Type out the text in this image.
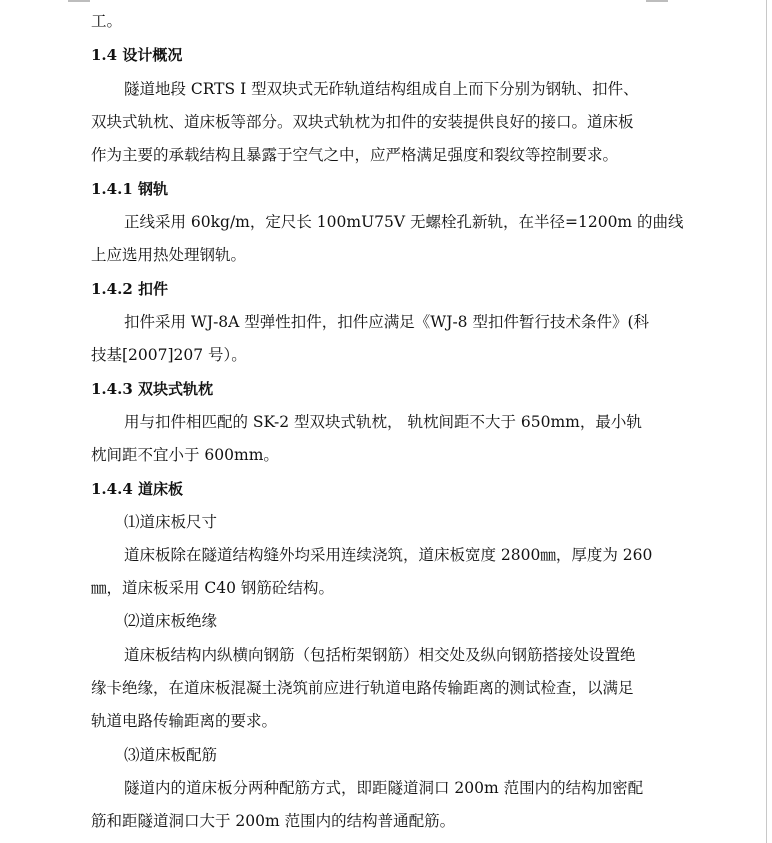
工。
1.4 设计概况
隧道地段 CRTS I 型双块式无砟轨道结构组成自上而下分别为钢轨、扣件、
双块式轨枕、道床板等部分。双块式轨枕为扣件的安装提供良好的接口。道床板
作为主要的承载结构且暴露于空气之中，应严格满足强度和裂纹等控制要求。
1.4.1 钢轨
正线采用 60kg/m，定尺长 100mU75V 无螺栓孔新轨，在半径=1200m 的曲线
上应选用热处理钢轨。
1.4.2 扣件
扣件采用 WJ-8A 型弹性扣件，扣件应满足《WJ-8 型扣件暂行技术条件》(科
技基[2007]207 号）。
1.4.3 双块式轨枕
用与扣件相匹配的 SK-2 型双块式轨枕， 轨枕间距不大于 650mm，最小轨
枕间距不宜小于 600mm。
1.4.4 道床板
⑴道床板尺寸
道床板除在隧道结构缝外均采用连续浇筑，道床板宽度 2800㎜，厚度为 260
㎜，道床板采用 C40 钢筋砼结构。
⑵道床板绝缘
道床板结构内纵横向钢筋（包括桁架钢筋）相交处及纵向钢筋搭接处设置绝
缘卡绝缘，在道床板混凝土浇筑前应进行轨道电路传输距离的测试检查，以满足
轨道电路传输距离的要求。
⑶道床板配筋
隧道内的道床板分两种配筋方式，即距隧道洞口 200m 范围内的结构加密配
筋和距隧道洞口大于 200m 范围内的结构普通配筋。
